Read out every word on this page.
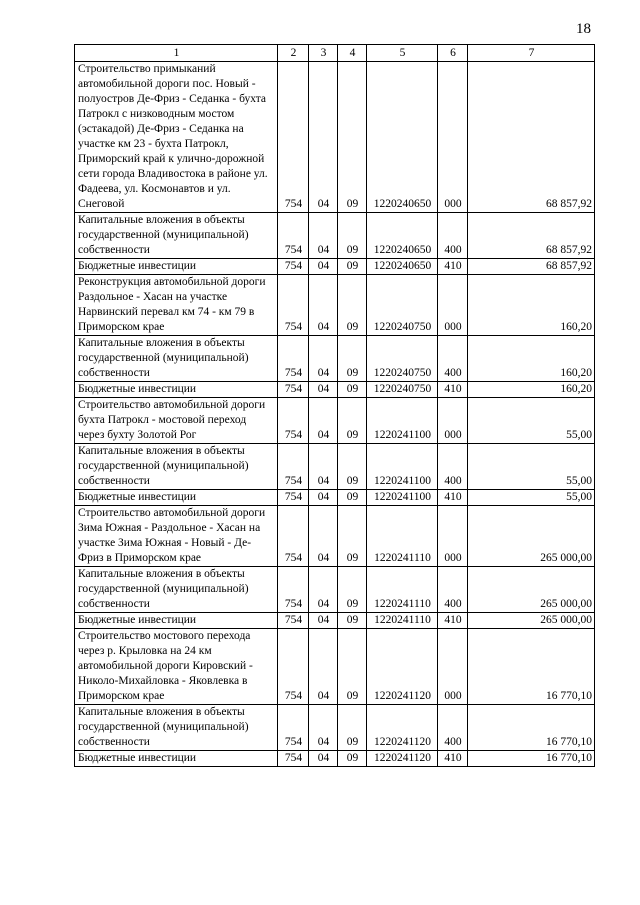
18
1	2	3	4	5	6	7
Строительство примыканий автомобильной дороги пос. Новый - полуостров Де-Фриз - Седанка - бухта Патрокл с низководным мостом (эстакадой) Де-Фриз - Седанка на участке км 23 - бухта Патрокл, Приморский край к улично-дорожной сети города Владивостока в районе ул. Фадеева, ул. Космонавтов и ул. Снеговой	754	04	09	1220240650	000	68 857,92
Капитальные вложения в объекты государственной (муниципальной) собственности	754	04	09	1220240650	400	68 857,92
Бюджетные инвестиции	754	04	09	1220240650	410	68 857,92
Реконструкция автомобильной дороги Раздольное - Хасан на участке Нарвинский перевал км 74 - км 79 в Приморском крае	754	04	09	1220240750	000	160,20
Капитальные вложения в объекты государственной (муниципальной) собственности	754	04	09	1220240750	400	160,20
Бюджетные инвестиции	754	04	09	1220240750	410	160,20
Строительство автомобильной дороги бухта Патрокл - мостовой переход через бухту Золотой Рог	754	04	09	1220241100	000	55,00
Капитальные вложения в объекты государственной (муниципальной) собственности	754	04	09	1220241100	400	55,00
Бюджетные инвестиции	754	04	09	1220241100	410	55,00
Строительство автомобильной дороги Зима Южная - Раздольное - Хасан на участке Зима Южная - Новый - Де-Фриз в Приморском крае	754	04	09	1220241110	000	265 000,00
Капитальные вложения в объекты государственной (муниципальной) собственности	754	04	09	1220241110	400	265 000,00
Бюджетные инвестиции	754	04	09	1220241110	410	265 000,00
Строительство мостового перехода через р. Крыловка на 24 км автомобильной дороги Кировский - Николо-Михайловка - Яковлевка в Приморском крае	754	04	09	1220241120	000	16 770,10
Капитальные вложения в объекты государственной (муниципальной) собственности	754	04	09	1220241120	400	16 770,10
Бюджетные инвестиции	754	04	09	1220241120	410	16 770,10
